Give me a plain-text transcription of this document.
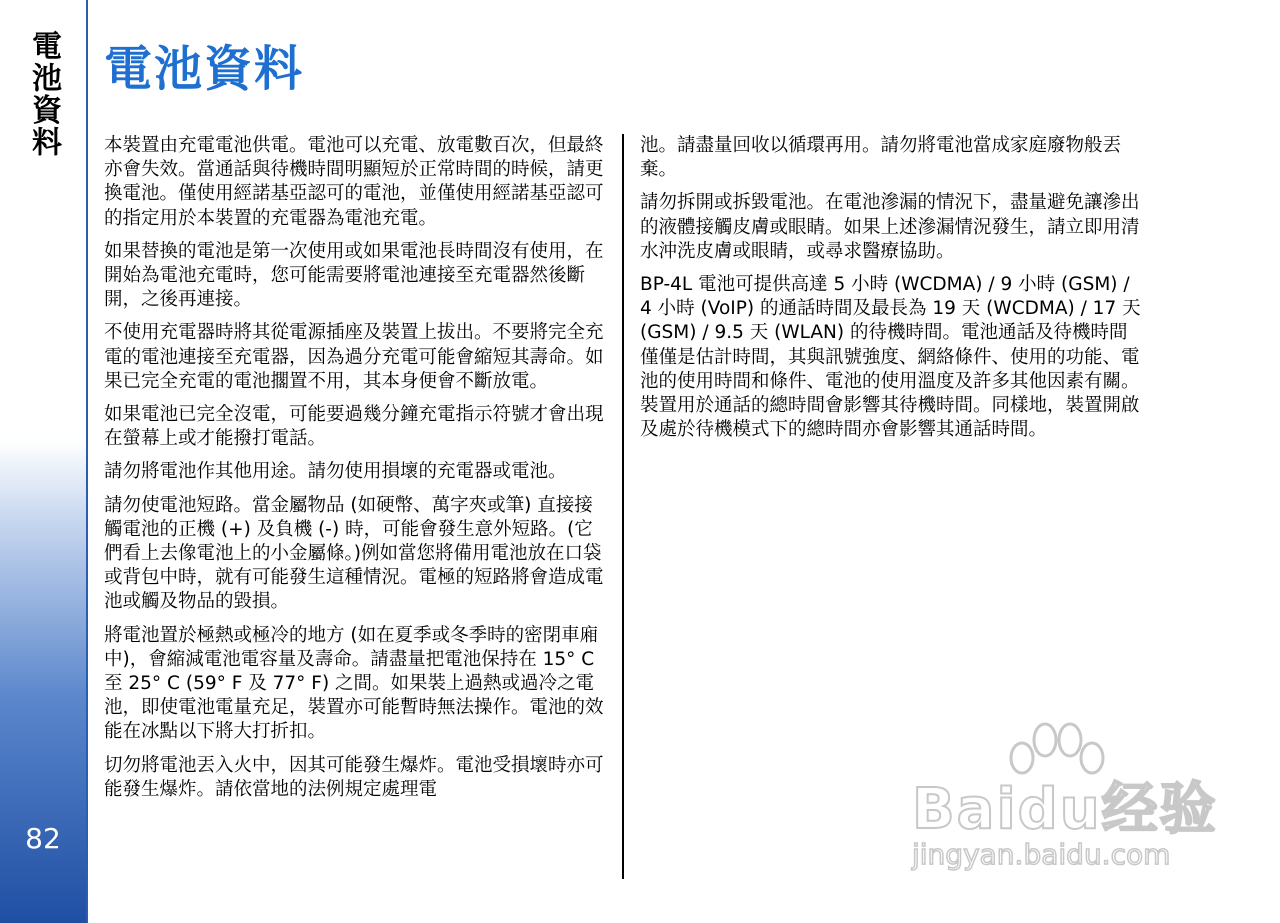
電池資料
82
電池資料

本裝置由充電電池供電。電池可以充電、放電數百次，但最終亦會失效。當通話與待機時間明顯短於正常時間的時候，請更換電池。僅使用經諾基亞認可的電池，並僅使用經諾基亞認可的指定用於本裝置的充電器為電池充電。

如果替換的電池是第一次使用或如果電池長時間沒有使用，在開始為電池充電時，您可能需要將電池連接至充電器然後斷開，之後再連接。

不使用充電器時將其從電源插座及裝置上拔出。不要將完全充電的電池連接至充電器，因為過分充電可能會縮短其壽命。如果已完全充電的電池擱置不用，其本身便會不斷放電。

如果電池已完全沒電，可能要過幾分鐘充電指示符號才會出現在螢幕上或才能撥打電話。

請勿將電池作其他用途。請勿使用損壞的充電器或電池。

請勿使電池短路。當金屬物品 (如硬幣、萬字夾或筆) 直接接觸電池的正機 (+) 及負機 (-) 時，可能會發生意外短路。(它們看上去像電池上的小金屬條。)例如當您將備用電池放在口袋或背包中時，就有可能發生這種情況。電極的短路將會造成電池或觸及物品的毀損。

將電池置於極熱或極冷的地方 (如在夏季或冬季時的密閉車廂中)，會縮減電池電容量及壽命。請盡量把電池保持在 15° C 至 25° C (59° F 及 77° F) 之間。如果裝上過熱或過冷之電池，即使電池電量充足，裝置亦可能暫時無法操作。電池的效能在冰點以下將大打折扣。

切勿將電池丟入火中，因其可能發生爆炸。電池受損壞時亦可能發生爆炸。請依當地的法例規定處理電

池。請盡量回收以循環再用。請勿將電池當成家庭廢物般丟棄。

請勿拆開或拆毀電池。在電池滲漏的情況下，盡量避免讓滲出的液體接觸皮膚或眼睛。如果上述滲漏情況發生，請立即用清水沖洗皮膚或眼睛，或尋求醫療協助。

BP-4L 電池可提供高達 5 小時 (WCDMA) / 9 小時 (GSM) / 4 小時 (VoIP) 的通話時間及最長為 19 天 (WCDMA) / 17 天 (GSM) / 9.5 天 (WLAN) 的待機時間。電池通話及待機時間僅僅是估計時間，其與訊號強度、網絡條件、使用的功能、電池的使用時間和條件、電池的使用溫度及許多其他因素有關。裝置用於通話的總時間會影響其待機時間。同樣地，裝置開啟及處於待機模式下的總時間亦會影響其通話時間。

Baidu经验
jingyan.baidu.com
